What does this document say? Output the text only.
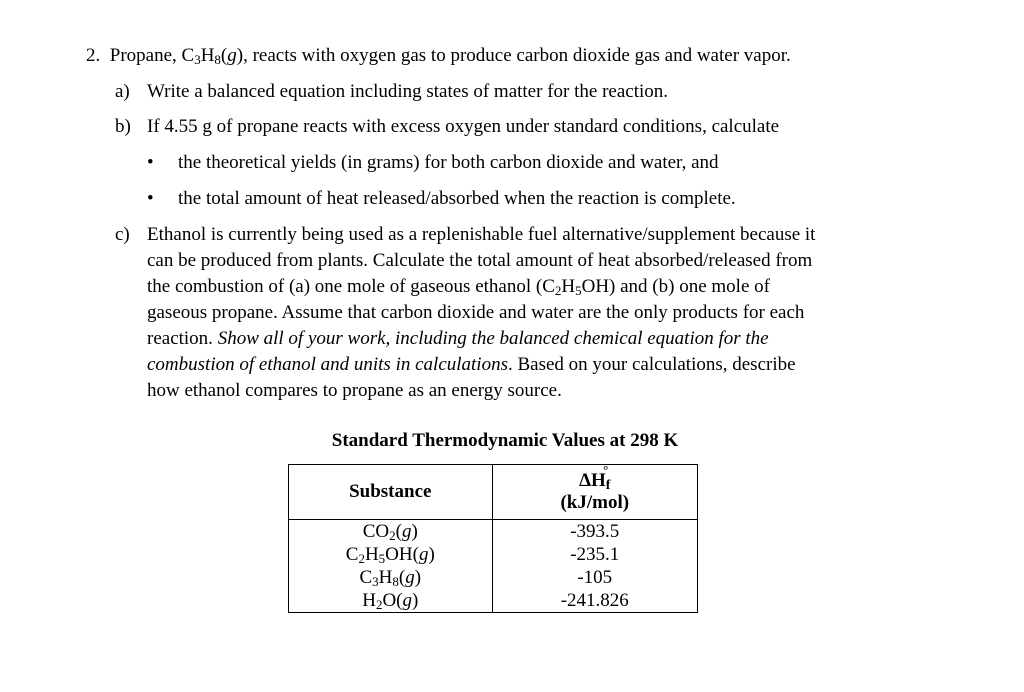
2. Propane, $C_3H_8(g)$, reacts with oxygen gas to produce carbon dioxide gas and water vapor.
a) Write a balanced equation including states of matter for the reaction.
b) If 4.55 g of propane reacts with excess oxygen under standard conditions, calculate
• the theoretical yields (in grams) for both carbon dioxide and water, and
• the total amount of heat released/absorbed when the reaction is complete.
c) Ethanol is currently being used as a replenishable fuel alternative/supplement because it
can be produced from plants. Calculate the total amount of heat absorbed/released from
the combustion of (a) one mole of gaseous ethanol $(C_2H_5OH)$ and (b) one mole of
gaseous propane. Assume that carbon dioxide and water are the only products for each
reaction. Show all of your work, including the balanced chemical equation for the
combustion of ethanol and units in calculations. Based on your calculations, describe
how ethanol compares to propane as an energy source.
Standard Thermodynamic Values at 298 K
Substance	$\Delta H_f$
°
(kJ/mol)

$CO_2(g)$	-393.5
$C_2H_5OH(g)$	-235.1
$C_3H_8(g)$	-105
$H_2O(g)$	-241.826
